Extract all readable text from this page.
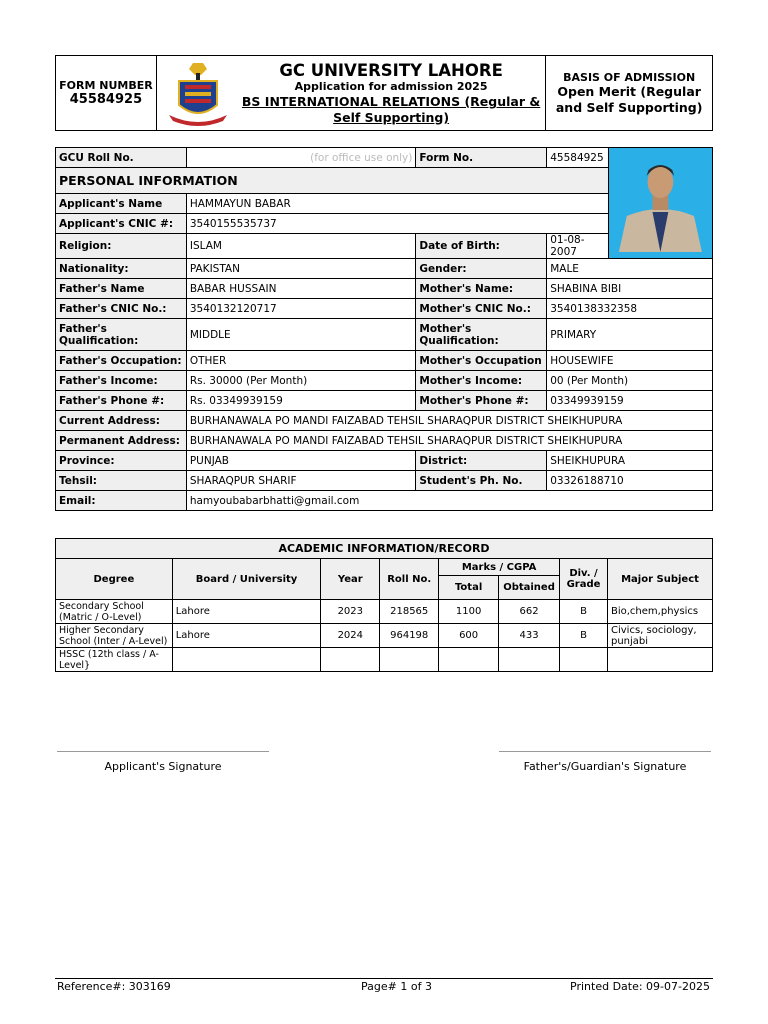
FORM NUMBER
45584925

GC UNIVERSITY LAHORE
Application for admission 2025
BS INTERNATIONAL RELATIONS (Regular & Self Supporting)

BASIS OF ADMISSION
Open Merit (Regular and Self Supporting)
GCU Roll No.	(for office use only)	Form No.	45584925	
PERSONAL INFORMATION				
Applicant's Name	HAMMAYUN BABAR			
Applicant's CNIC #:	3540155535737			
Religion:	ISLAM	Date of Birth:	01-08-2007	
Nationality:	PAKISTAN	Gender:	MALE	
Father's Name	BABAR HUSSAIN	Mother's Name:	SHABINA BIBI	
Father's CNIC No.:	3540132120717	Mother's CNIC No.:	3540138332358	
Father's Qualification:	MIDDLE	Mother's Qualification:	PRIMARY	
Father's Occupation:	OTHER	Mother's Occupation	HOUSEWIFE	
Father's Income:	Rs. 30000 (Per Month)	Mother's Income:	00 (Per Month)	
Father's Phone #:	Rs. 03349939159	Mother's Phone #:	03349939159	
Current Address:	BURHANAWALA PO MANDI FAIZABAD TEHSIL SHARAQPUR DISTRICT SHEIKHUPURA			
Permanent Address:	BURHANAWALA PO MANDI FAIZABAD TEHSIL SHARAQPUR DISTRICT SHEIKHUPURA			
Province:	PUNJAB	District:	SHEIKHUPURA	
Tehsil:	SHARAQPUR SHARIF	Student's Ph. No.	03326188710	
Email:	hamyoubabarbhatti@gmail.com			
ACADEMIC INFORMATION/RECORD							
Degree	Board / University	Year	Roll No.	Marks / CGPA		Div. / Grade	Major Subject
				Total	Obtained		
Secondary School (Matric / O-Level)	Lahore	2023	218565	1100	662	B	Bio,chem,physics
Higher Secondary School (Inter / A-Level)	Lahore	2024	964198	600	433	B	Civics, sociology, punjabi
HSSC (12th class / A-Level}							
Applicant's Signature	Father's/Guardian's Signature
Reference#: 303169	Page# 1 of 3	Printed Date: 09-07-2025
